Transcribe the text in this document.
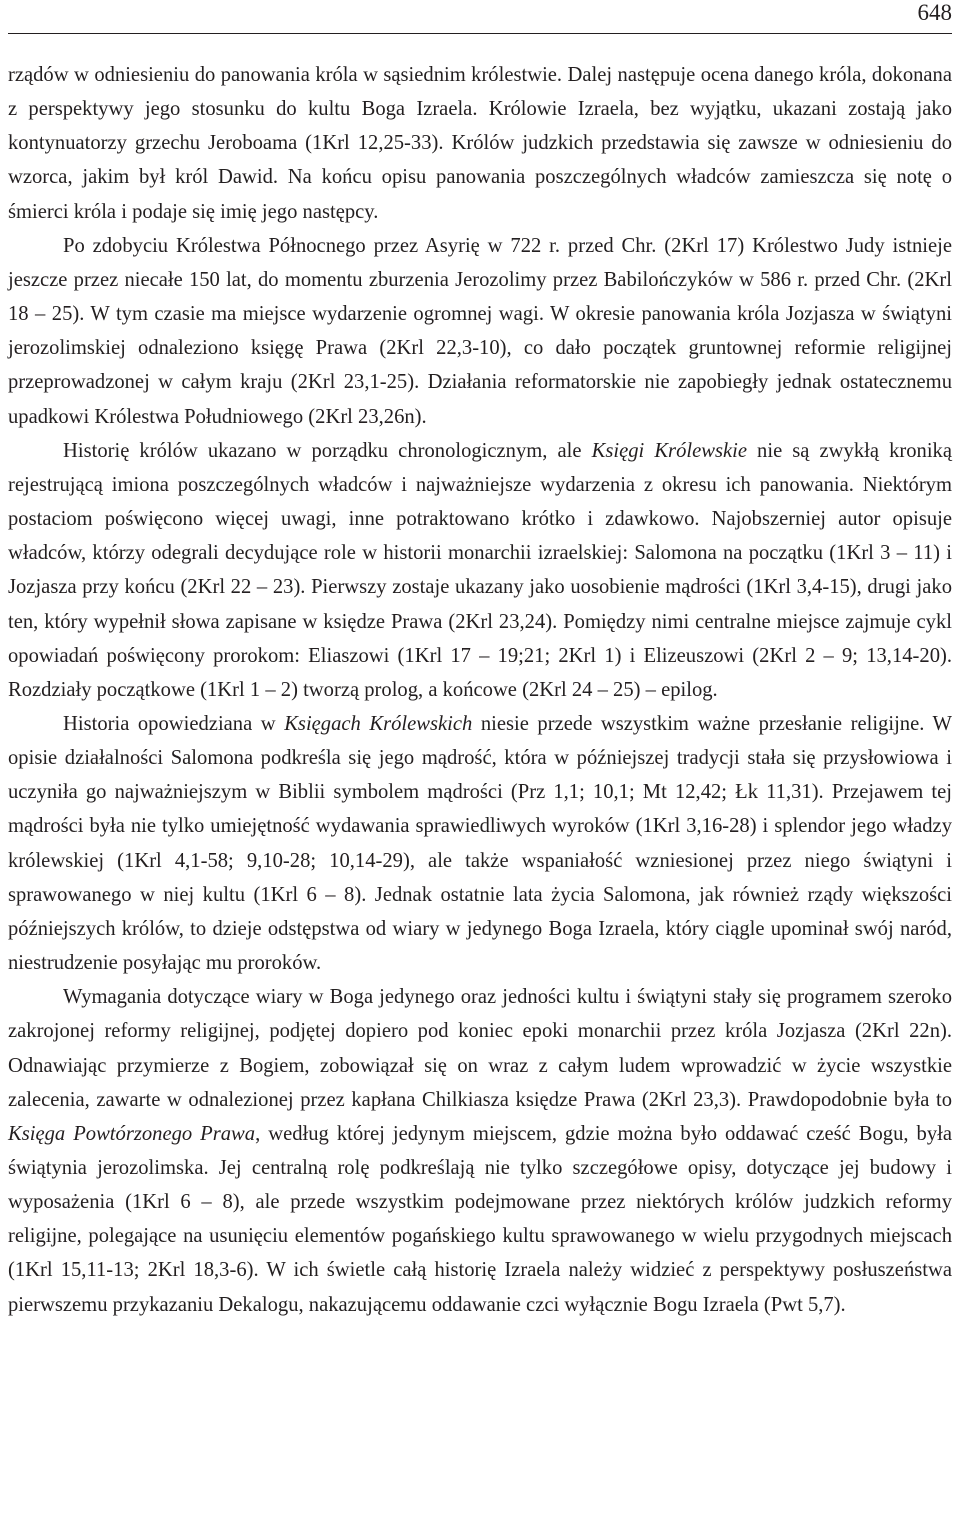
648

rządów w odniesieniu do panowania króla w sąsiednim królestwie. Dalej następuje ocena danego króla, dokonana z perspektywy jego stosunku do kultu Boga Izraela. Królowie Izraela, bez wyjątku, ukazani zostają jako kontynuatorzy grzechu Jeroboama (1Krl 12,25-33). Królów judzkich przedstawia się zawsze w odniesieniu do wzorca, jakim był król Dawid. Na końcu opisu panowania poszczególnych władców zamieszcza się notę o śmierci króla i podaje się imię jego następcy.

Po zdobyciu Królestwa Północnego przez Asyrię w 722 r. przed Chr. (2Krl 17) Królestwo Judy istnieje jeszcze przez niecałe 150 lat, do momentu zburzenia Jerozolimy przez Babilończyków w 586 r. przed Chr. (2Krl 18 – 25). W tym czasie ma miejsce wydarzenie ogromnej wagi. W okresie panowania króla Jozjasza w świątyni jerozolimskiej odnaleziono księgę Prawa (2Krl 22,3-10), co dało początek gruntownej reformie religijnej przeprowadzonej w całym kraju (2Krl 23,1-25). Działania reformatorskie nie zapobiegły jednak ostatecznemu upadkowi Królestwa Południowego (2Krl 23,26n).

Historię królów ukazano w porządku chronologicznym, ale Księgi Królewskie nie są zwykłą kroniką rejestrującą imiona poszczególnych władców i najważniejsze wydarzenia z okresu ich panowania. Niektórym postaciom poświęcono więcej uwagi, inne potraktowano krótko i zdawkowo. Najobszerniej autor opisuje władców, którzy odegrali decydujące role w historii monarchii izraelskiej: Salomona na początku (1Krl 3 – 11) i Jozjasza przy końcu (2Krl 22 – 23). Pierwszy zostaje ukazany jako uosobienie mądrości (1Krl 3,4-15), drugi jako ten, który wypełnił słowa zapisane w księdze Prawa (2Krl 23,24). Pomiędzy nimi centralne miejsce zajmuje cykl opowiadań poświęcony prorokom: Eliaszowi (1Krl 17 – 19;21; 2Krl 1) i Elizeuszowi (2Krl 2 – 9; 13,14-20). Rozdziały początkowe (1Krl 1 – 2) tworzą prolog, a końcowe (2Krl 24 – 25) – epilog.

Historia opowiedziana w Księgach Królewskich niesie przede wszystkim ważne przesłanie religijne. W opisie działalności Salomona podkreśla się jego mądrość, która w późniejszej tradycji stała się przysłowiowa i uczyniła go najważniejszym w Biblii symbolem mądrości (Prz 1,1; 10,1; Mt 12,42; Łk 11,31). Przejawem tej mądrości była nie tylko umiejętność wydawania sprawiedliwych wyroków (1Krl 3,16-28) i splendor jego władzy królewskiej (1Krl 4,1-58; 9,10-28; 10,14-29), ale także wspaniałość wzniesionej przez niego świątyni i sprawowanego w niej kultu (1Krl 6 – 8). Jednak ostatnie lata życia Salomona, jak również rządy większości późniejszych królów, to dzieje odstępstwa od wiary w jedynego Boga Izraela, który ciągle upominał swój naród, niestrudzenie posyłając mu proroków.

Wymagania dotyczące wiary w Boga jedynego oraz jedności kultu i świątyni stały się programem szeroko zakrojonej reformy religijnej, podjętej dopiero pod koniec epoki monarchii przez króla Jozjasza (2Krl 22n). Odnawiając przymierze z Bogiem, zobowiązał się on wraz z całym ludem wprowadzić w życie wszystkie zalecenia, zawarte w odnalezionej przez kapłana Chilkiasza księdze Prawa (2Krl 23,3). Prawdopodobnie była to Księga Powtórzonego Prawa, według której jedynym miejscem, gdzie można było oddawać cześć Bogu, była świątynia jerozolimska. Jej centralną rolę podkreślają nie tylko szczegółowe opisy, dotyczące jej budowy i wyposażenia (1Krl 6 – 8), ale przede wszystkim podejmowane przez niektórych królów judzkich reformy religijne, polegające na usunięciu elementów pogańskiego kultu sprawowanego w wielu przygodnych miejscach (1Krl 15,11-13; 2Krl 18,3-6). W ich świetle całą historię Izraela należy widzieć z perspektywy posłuszeństwa pierwszemu przykazaniu Dekalogu, nakazującemu oddawanie czci wyłącznie Bogu Izraela (Pwt 5,7).
